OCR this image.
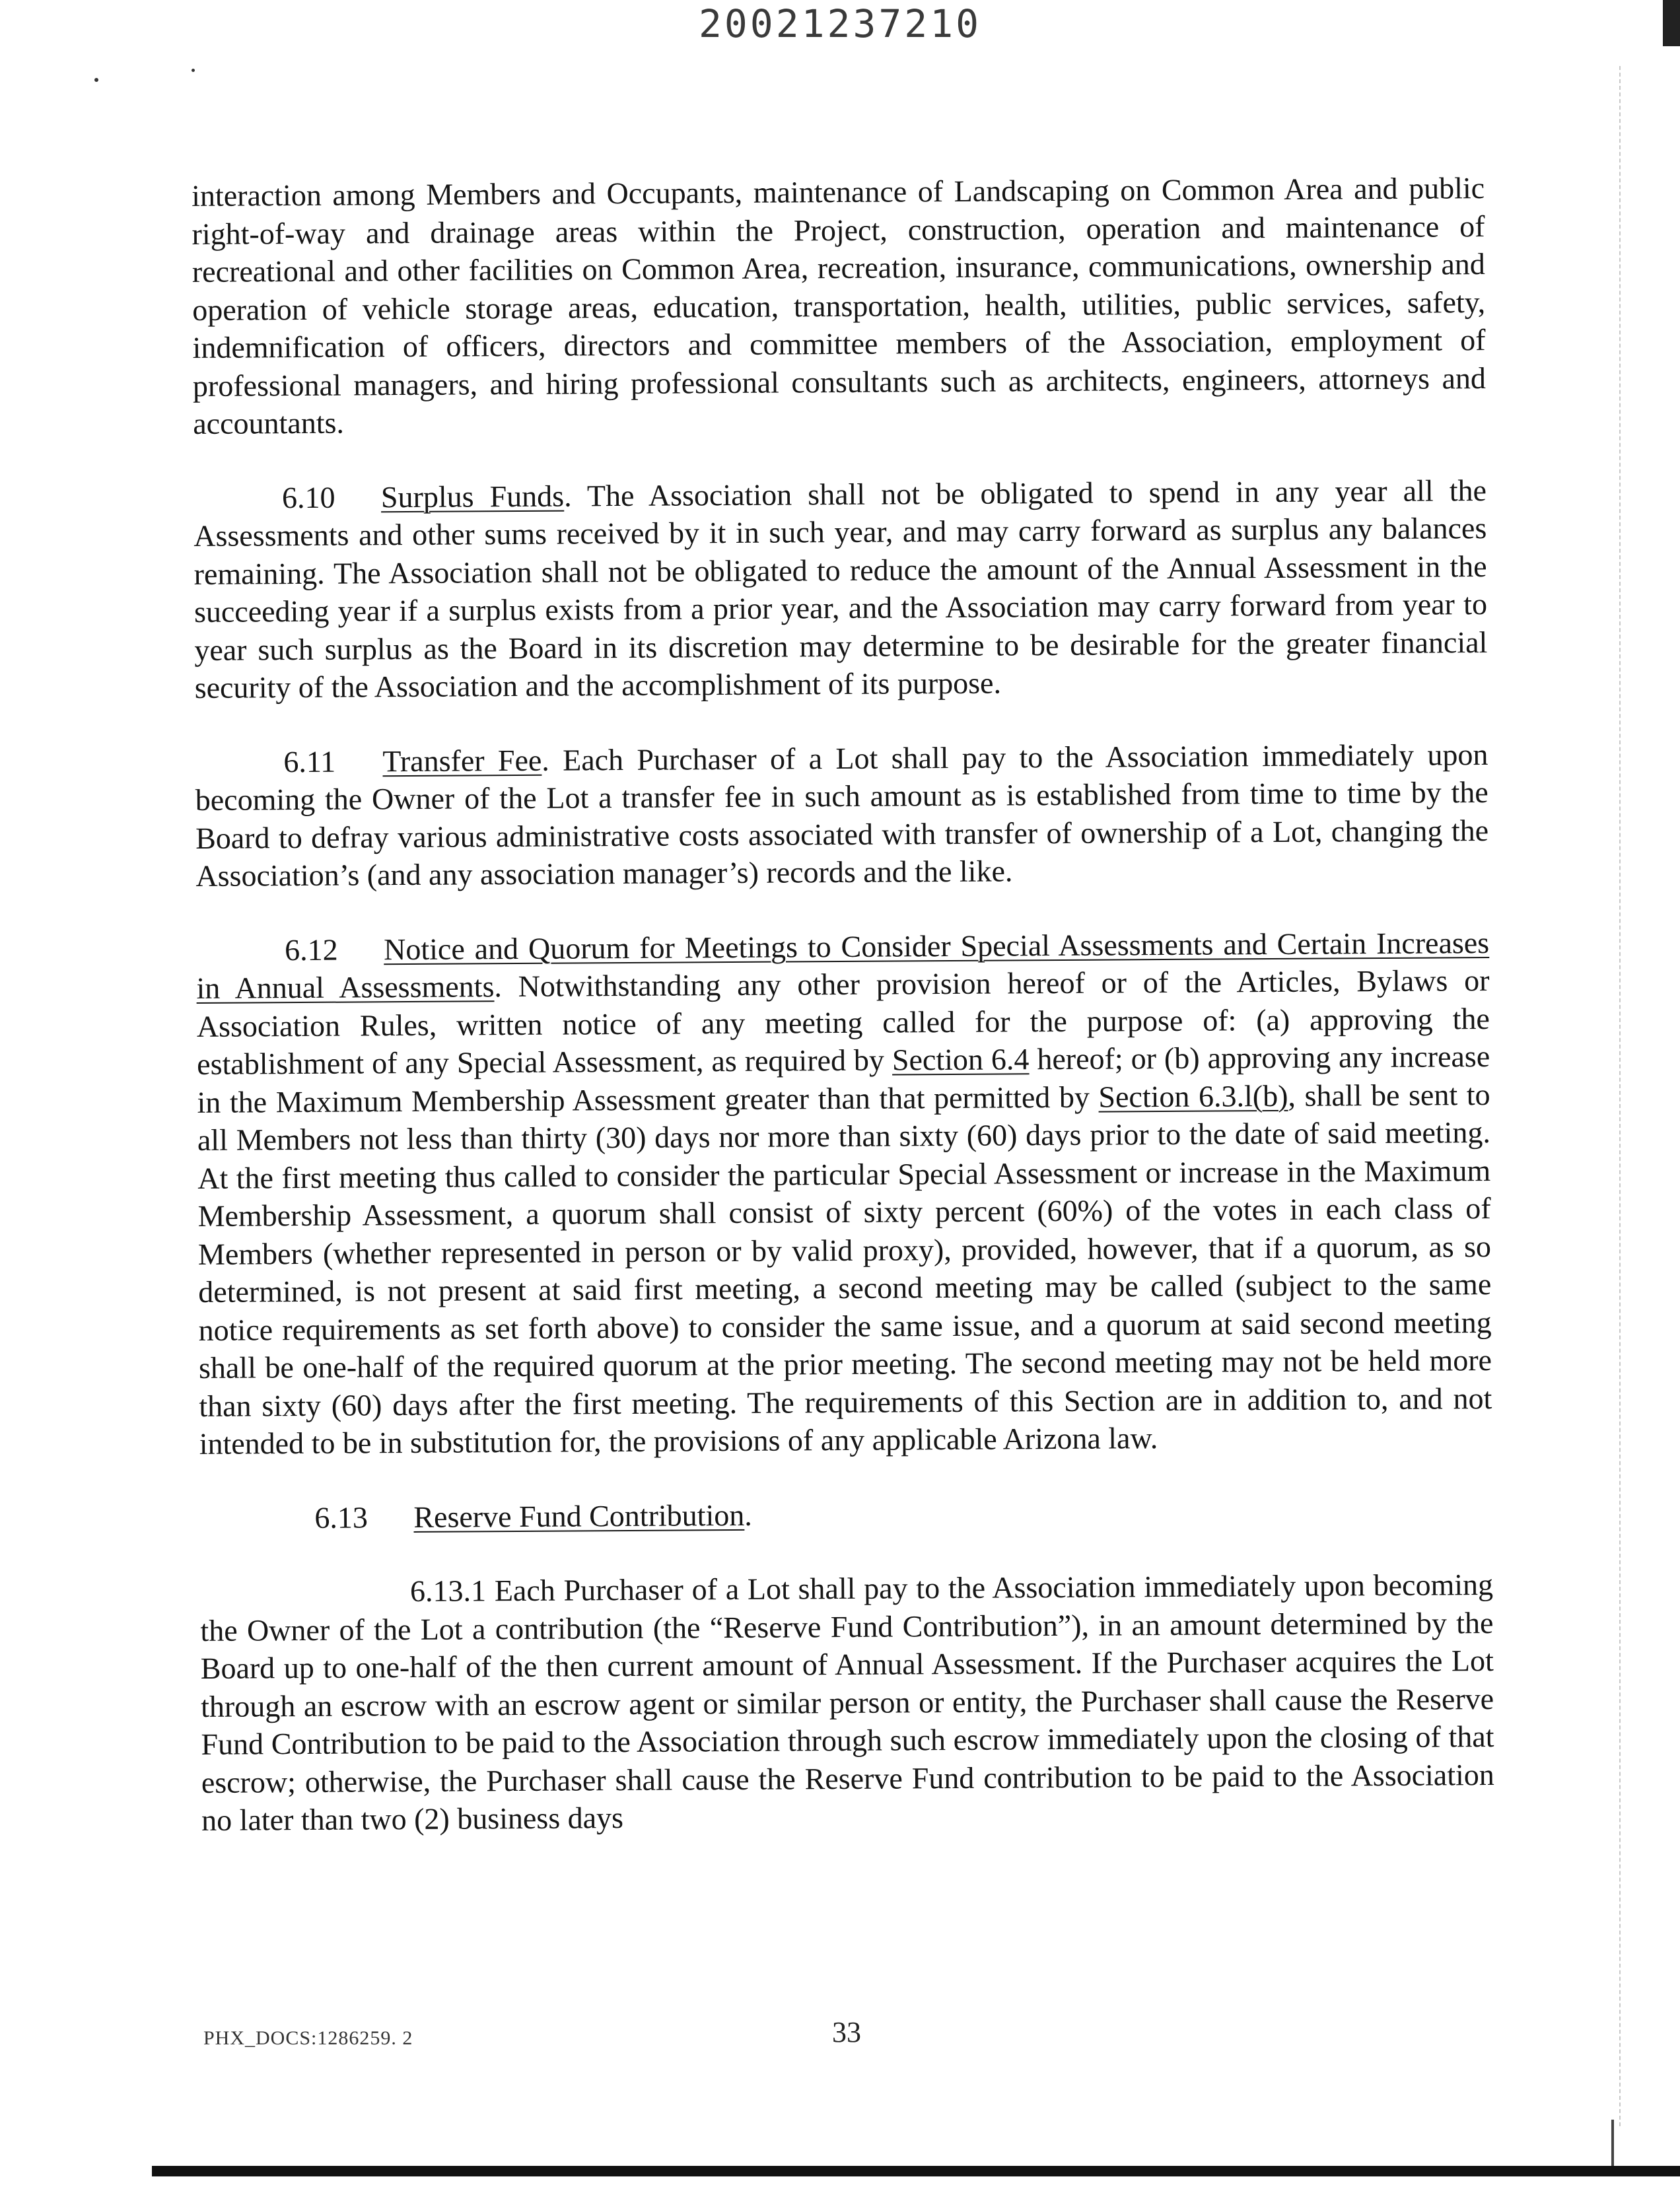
20021237210

interaction among Members and Occupants, maintenance of Landscaping on Common Area and public right-of-way and drainage areas within the Project, construction, operation and maintenance of recreational and other facilities on Common Area, recreation, insurance, communications, ownership and operation of vehicle storage areas, education, transportation, health, utilities, public services, safety, indemnification of officers, directors and committee members of the Association, employment of professional managers, and hiring professional consultants such as architects, engineers, attorneys and accountants.

6.10 Surplus Funds. The Association shall not be obligated to spend in any year all the Assessments and other sums received by it in such year, and may carry forward as surplus any balances remaining. The Association shall not be obligated to reduce the amount of the Annual Assessment in the succeeding year if a surplus exists from a prior year, and the Association may carry forward from year to year such surplus as the Board in its discretion may determine to be desirable for the greater financial security of the Association and the accomplishment of its purpose.

6.11 Transfer Fee. Each Purchaser of a Lot shall pay to the Association immediately upon becoming the Owner of the Lot a transfer fee in such amount as is established from time to time by the Board to defray various administrative costs associated with transfer of ownership of a Lot, changing the Association’s (and any association manager’s) records and the like.

6.12 Notice and Quorum for Meetings to Consider Special Assessments and Certain Increases in Annual Assessments. Notwithstanding any other provision hereof or of the Articles, Bylaws or Association Rules, written notice of any meeting called for the purpose of: (a) approving the establishment of any Special Assessment, as required by Section 6.4 hereof; or (b) approving any increase in the Maximum Membership Assessment greater than that permitted by Section 6.3.l(b), shall be sent to all Members not less than thirty (30) days nor more than sixty (60) days prior to the date of said meeting. At the first meeting thus called to consider the particular Special Assessment or increase in the Maximum Membership Assessment, a quorum shall consist of sixty percent (60%) of the votes in each class of Members (whether represented in person or by valid proxy), provided, however, that if a quorum, as so determined, is not present at said first meeting, a second meeting may be called (subject to the same notice requirements as set forth above) to consider the same issue, and a quorum at said second meeting shall be one-half of the required quorum at the prior meeting. The second meeting may not be held more than sixty (60) days after the first meeting. The requirements of this Section are in addition to, and not intended to be in substitution for, the provisions of any applicable Arizona law.

6.13 Reserve Fund Contribution.

6.13.1 Each Purchaser of a Lot shall pay to the Association immediately upon becoming the Owner of the Lot a contribution (the “Reserve Fund Contribution”), in an amount determined by the Board up to one-half of the then current amount of Annual Assessment. If the Purchaser acquires the Lot through an escrow with an escrow agent or similar person or entity, the Purchaser shall cause the Reserve Fund Contribution to be paid to the Association through such escrow immediately upon the closing of that escrow; otherwise, the Purchaser shall cause the Reserve Fund contribution to be paid to the Association no later than two (2) business days

PHX_DOCS:1286259. 2	33
